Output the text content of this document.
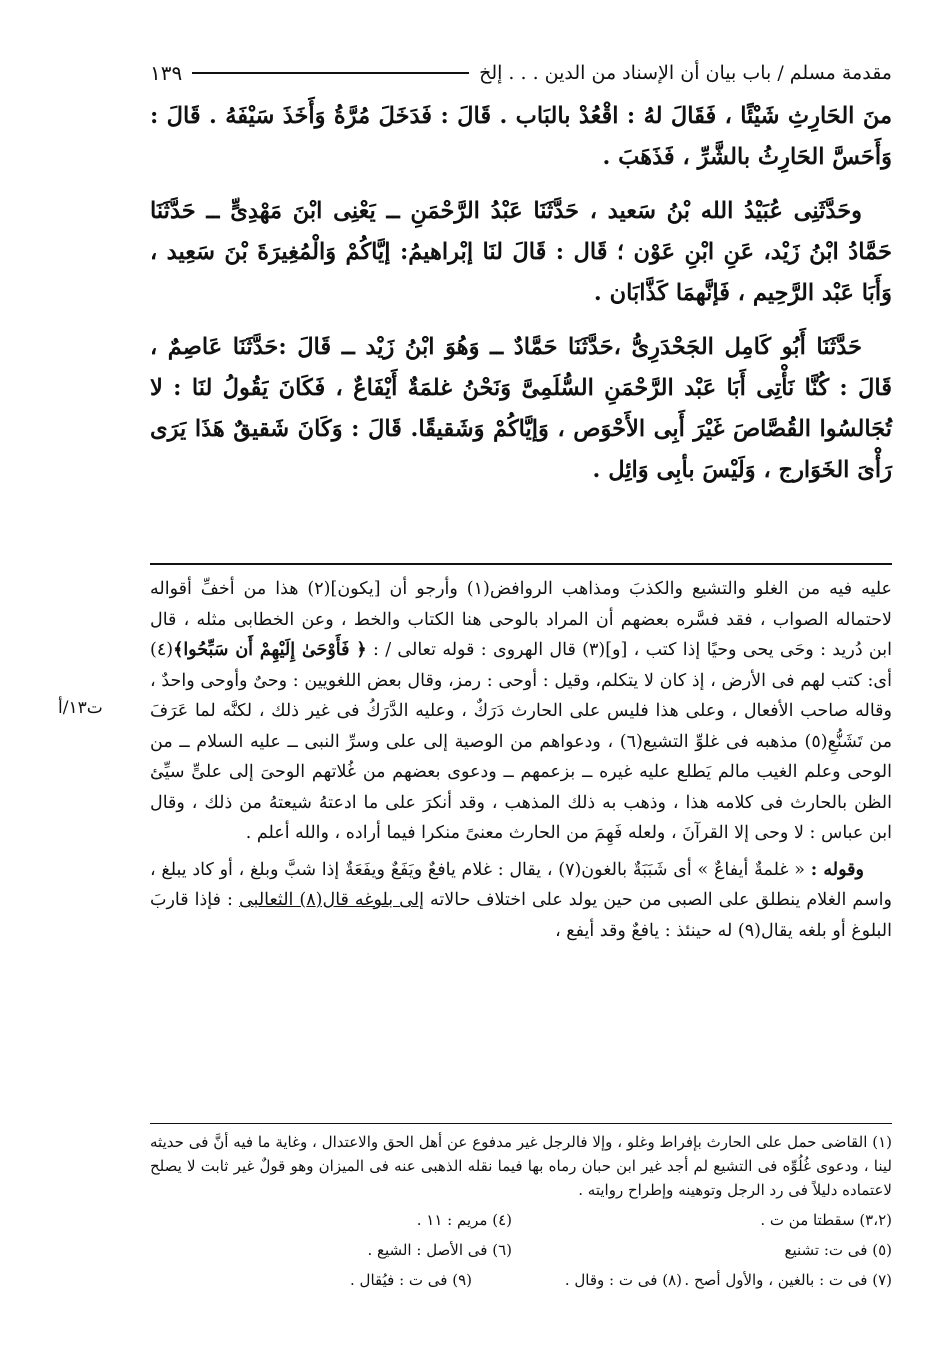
مقدمة مسلم / باب بيان أن الإسناد من الدين . . . إلخ
١٣٩

منَ الحَارِثِ شَيْئًا ، فَقَالَ لهُ : اقْعُدْ بالبَاب . قَالَ : فَدَخَلَ مُرَّةُ وَأَخَذَ سَيْفَهُ . قَالَ : وَأَحَسَّ الحَارِثُ بالشَّرِّ ، فَذَهَبَ .

وحَدَّثَنِى عُبَيْدُ الله بْنُ سَعيد ، حَدَّثَنَا عَبْدُ الرَّحْمَنِ ــ يَعْنِى ابْنَ مَهْدِىٍّ ــ حَدَّثَنَا حَمَّادُ ابْنُ زَيْد، عَنِ ابْنِ عَوْن ؛ قَال : قَالَ لنَا إبْراهيمُ: إيَّاكُمْ وَالْمُغِيرَةَ بْنَ سَعِيد ، وَأَبَا عَبْد الرَّحِيم ، فَإنَّهمَا كَذَّابَان .

حَدَّثَنَا أَبُو كَامِل الجَحْدَرِىُّ ،حَدَّثَنَا حَمَّادٌ ــ وَهُوَ ابْنُ زَيْد ــ قَالَ :حَدَّثَنَا عَاصِمٌ ، قَالَ : كُنَّا نَأْتِى أَبَا عَبْد الرَّحْمَنِ السُّلَمِىَّ وَنَحْنُ غلمَةٌ أَيْفَاعٌ ، فَكَانَ يَقُولُ لنَا : لا تُجَالسُوا القُصَّاصَ غَيْرَ أَبِى الأَحْوَص ، وَإيَّاكُمْ وَشَقيقًا. قَالَ : وَكَانَ شَقيقٌ هَذَا يَرَى رَأْىَ الخَوَارج ، وَلَيْسَ بأبِى وَائِل .

عليه فيه من الغلو والتشيع والكذبَ ومذاهب الروافض(١) وأرجو أن [يكون](٢) هذا من أخفِّ أقواله لاحتماله الصواب ، فقد فسَّره بعضهم أن المراد بالوحى هنا الكتاب والخط ، وعن الخطابى مثله ، قال ابن دُريد : وحَى يحى وحيًا إذا كتب ، [و](٣) قال الهروى : قوله تعالى / : ﴿ فَأَوْحَىٰ إِلَيْهِمْ أَن سَبِّحُوا﴾(٤) أى: كتب لهم فى الأرض ، إذ كان لا يتكلم، وقيل : أوحى : رمز، وقال بعض اللغويين : وحىٌ وأوحى واحدٌ ، وقاله صاحب الأفعال ، وعلى هذا فليس على الحارث دَرَكٌ ، وعليه الدَّرَكُ فى غير ذلك ، لكنَّه لما عَرَفَ من تَشَنُّعِ(٥) مذهبه فى غلوِّ التشيع(٦) ، ودعواهم من الوصية إلى على وسرِّ النبى ــ عليه السلام ــ من الوحى وعلم الغيب مالم يَطلع عليه غيره ــ بزعمهم ــ ودعوى بعضهم من غُلاتهم الوحىَ إلى علىٍّ سيِّئ الظن بالحارث فى كلامه هذا ، وذهب به ذلك المذهب ، وقد أنكرَ على ما ادعتهُ شيعتهُ من ذلك ، وقال ابن عباس : لا وحى إلا القرآنَ ، ولعله فَهِمَ من الحارث معنىً منكرا فيما أراده ، والله أعلم .

وقوله : « غلمةٌ أيفاعٌ » أى شَبَبَةٌ بالغون(٧) ، يقال : غلام يافعٌ ويَفَعٌ ويفَعَةٌ إذا شبَّ وبلغ ، أو كاد يبلغ ، واسم الغلام ينطلق على الصبى من حين يولد على اختلاف حالاته إلى بلوغه قال(٨) الثعالبى : فإذا قاربَ البلوغ أو بلغه يقال(٩) له حينئذ : يافعٌ وقد أيفع ،

ت١٣/أ

(١) القاضى حمل على الحارث بإفراط وغلو ، وإلا فالرجل غير مدفوع عن أهل الحق والاعتدال ، وغاية ما فيه أنَّ فى حديثه لينا ، ودعوى غُلُوِّه فى التشيع لم أجد غير ابن حبان رماه بها فيما نقله الذهبى عنه فى الميزان وهو قولٌ غير ثابت لا يصلح لاعتماده دليلاً فى رد الرجل وتوهينه وإطراح روايته .

(٣،٢) سقطتا من ت .
(٤) مريم : ١١ .
(٥) فى ت: تشنيع
(٦) فى الأصل : الشيع .
(٧) فى ت : بالغين ، والأول أصح .
(٨) فى ت : وقال .
(٩) فى ت : فيُقال .
